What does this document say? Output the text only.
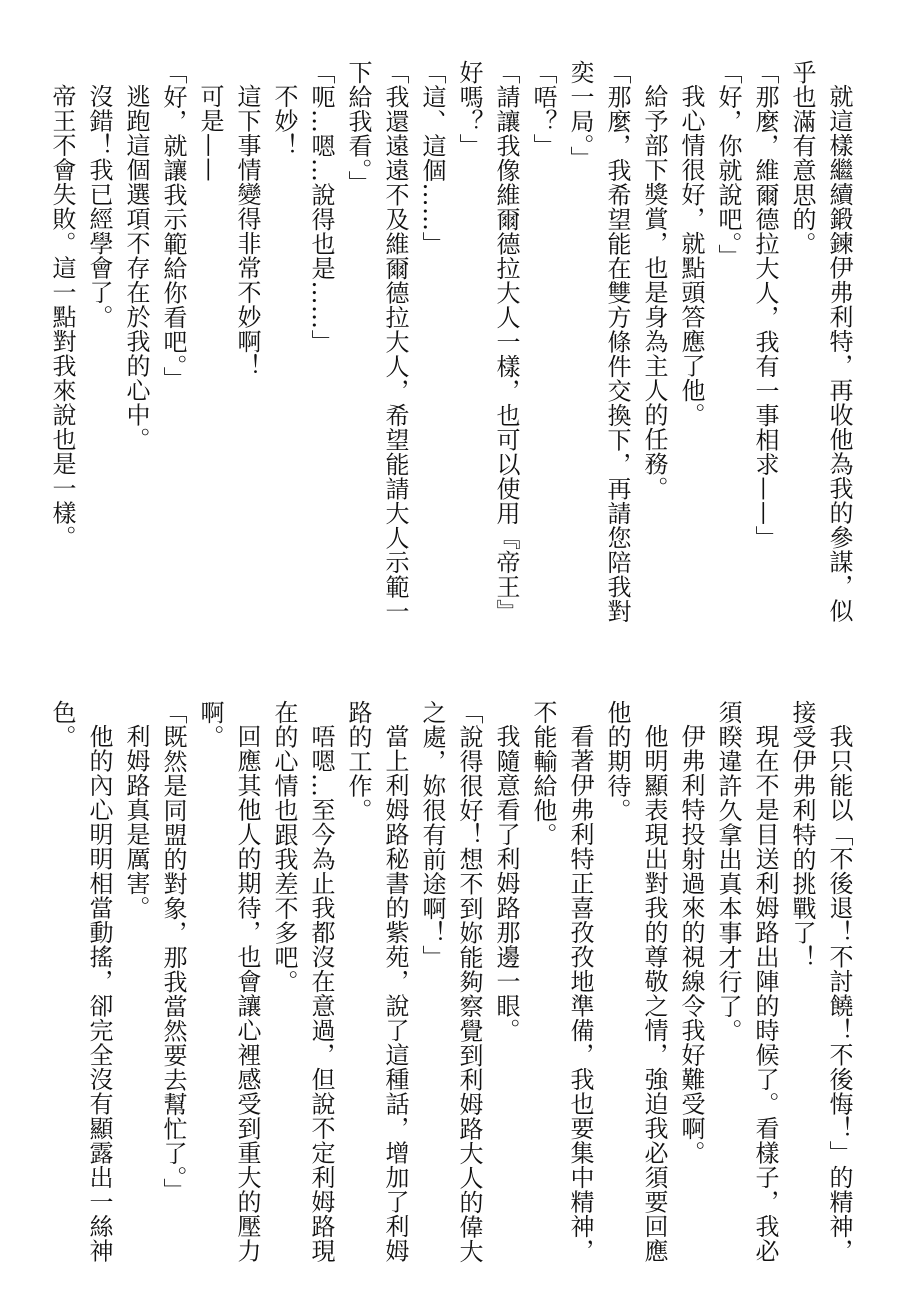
就這樣繼續鍛鍊伊弗利特，再收他為我的參謀，似
乎也滿有意思的。
「那麼，維爾德拉大人，我有一事相求——」
「好，你就說吧。」
我心情很好，就點頭答應了他。
給予部下獎賞，也是身為主人的任務。
「那麼，我希望能在雙方條件交換下，再請您陪我對
奕一局。」
「唔？」
「請讓我像維爾德拉大人一樣，也可以使用『帝王』
好嗎？」
「這、這個……」
「我還遠遠不及維爾德拉大人，希望能請大人示範一
下給我看。」
「呃…嗯…說得也是……」
不妙！
這下事情變得非常不妙啊！
可是——
「好，就讓我示範給你看吧。」
逃跑這個選項不存在於我的心中。
沒錯！我已經學會了。
帝王不會失敗。這一點對我來說也是一樣。
我只能以「不後退！不討饒！不後悔！」的精神，
接受伊弗利特的挑戰了！
現在不是目送利姆路出陣的時候了。看樣子，我必
須睽違許久拿出真本事才行了。
伊弗利特投射過來的視線令我好難受啊。
他明顯表現出對我的尊敬之情，強迫我必須要回應
他的期待。
看著伊弗利特正喜孜孜地準備，我也要集中精神，
不能輸給他。
我隨意看了利姆路那邊一眼。
「說得很好！想不到妳能夠察覺到利姆路大人的偉大
之處，妳很有前途啊！」
當上利姆路秘書的紫苑，說了這種話，增加了利姆
路的工作。
唔嗯…至今為止我都沒在意過，但說不定利姆路現
在的心情也跟我差不多吧。
回應其他人的期待，也會讓心裡感受到重大的壓力
啊。
「既然是同盟的對象，那我當然要去幫忙了。」
利姆路真是厲害。
他的內心明明相當動搖，卻完全沒有顯露出一絲神
色。
